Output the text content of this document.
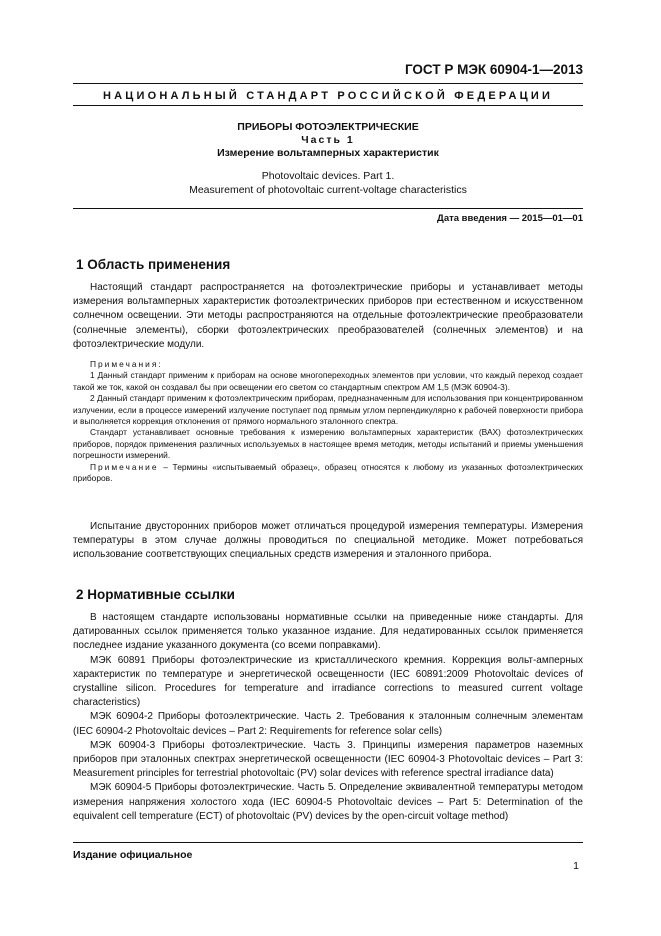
ГОСТ Р МЭК 60904-1—2013
НАЦИОНАЛЬНЫЙ СТАНДАРТ РОССИЙСКОЙ ФЕДЕРАЦИИ
ПРИБОРЫ ФОТОЭЛЕКТРИЧЕСКИЕ
Часть 1
Измерение вольтамперных характеристик
Photovoltaic devices. Part 1.
Measurement of photovoltaic current-voltage characteristics
Дата введения — 2015—01—01
1 Область применения

Настоящий стандарт распространяется на фотоэлектрические приборы и устанавливает методы измерения вольтамперных характеристик фотоэлектрических приборов при естественном и искусственном солнечном освещении. Эти методы распространяются на отдельные фотоэлектрические преобразователи (солнечные элементы), сборки фотоэлектрических преобразователей (солнечных элементов) и на фотоэлектрические модули.

Примечания:

1 Данный стандарт применим к приборам на основе многопереходных элементов при условии, что каждый переход создает такой же ток, какой он создавал бы при освещении его светом со стандартным спектром АМ 1,5 (МЭК 60904-3).

2 Данный стандарт применим к фотоэлектрическим приборам, предназначенным для использования при концентрированном излучении, если в процессе измерений излучение поступает под прямым углом перпендикулярно к рабочей поверхности прибора и выполняется коррекция отклонения от прямого нормального эталонного спектра.

Стандарт устанавливает основные требования к измерению вольтамперных характеристик (ВАХ) фотоэлектрических приборов, порядок применения различных используемых в настоящее время методик, методы испытаний и приемы уменьшения погрешности измерений.

Примечание – Термины «испытываемый образец», образец относятся к любому из указанных фотоэлектрических приборов.

Испытание двусторонних приборов может отличаться процедурой измерения температуры. Измерения температуры в этом случае должны проводиться по специальной методике. Может потребоваться использование соответствующих специальных средств измерения и эталонного прибора.

2 Нормативные ссылки

В настоящем стандарте использованы нормативные ссылки на приведенные ниже стандарты. Для датированных ссылок применяется только указанное издание. Для недатированных ссылок применяется последнее издание указанного документа (со всеми поправками).

МЭК 60891 Приборы фотоэлектрические из кристаллического кремния. Коррекция вольт-амперных характеристик по температуре и энергетической освещенности (IEC 60891:2009 Photovoltaic devices of crystalline silicon. Procedures for temperature and irradiance corrections to measured current voltage characteristics)

МЭК 60904-2 Приборы фотоэлектрические. Часть 2. Требования к эталонным солнечным элементам (IEC 60904-2 Photovoltaic devices – Part 2: Requirements for reference solar cells)

МЭК 60904-3 Приборы фотоэлектрические. Часть 3. Принципы измерения параметров наземных приборов при эталонных спектрах энергетической освещенности (IEC 60904-3 Photovoltaic devices – Part 3: Measurement principles for terrestrial photovoltaic (PV) solar devices with reference spectral irradiance data)

МЭК 60904-5 Приборы фотоэлектрические. Часть 5. Определение эквивалентной температуры методом измерения напряжения холостого хода (IEC 60904-5 Photovoltaic devices – Part 5: Determination of the equivalent cell temperature (ECT) of photovoltaic (PV) devices by the open-circuit voltage method)

Издание официальное
1
